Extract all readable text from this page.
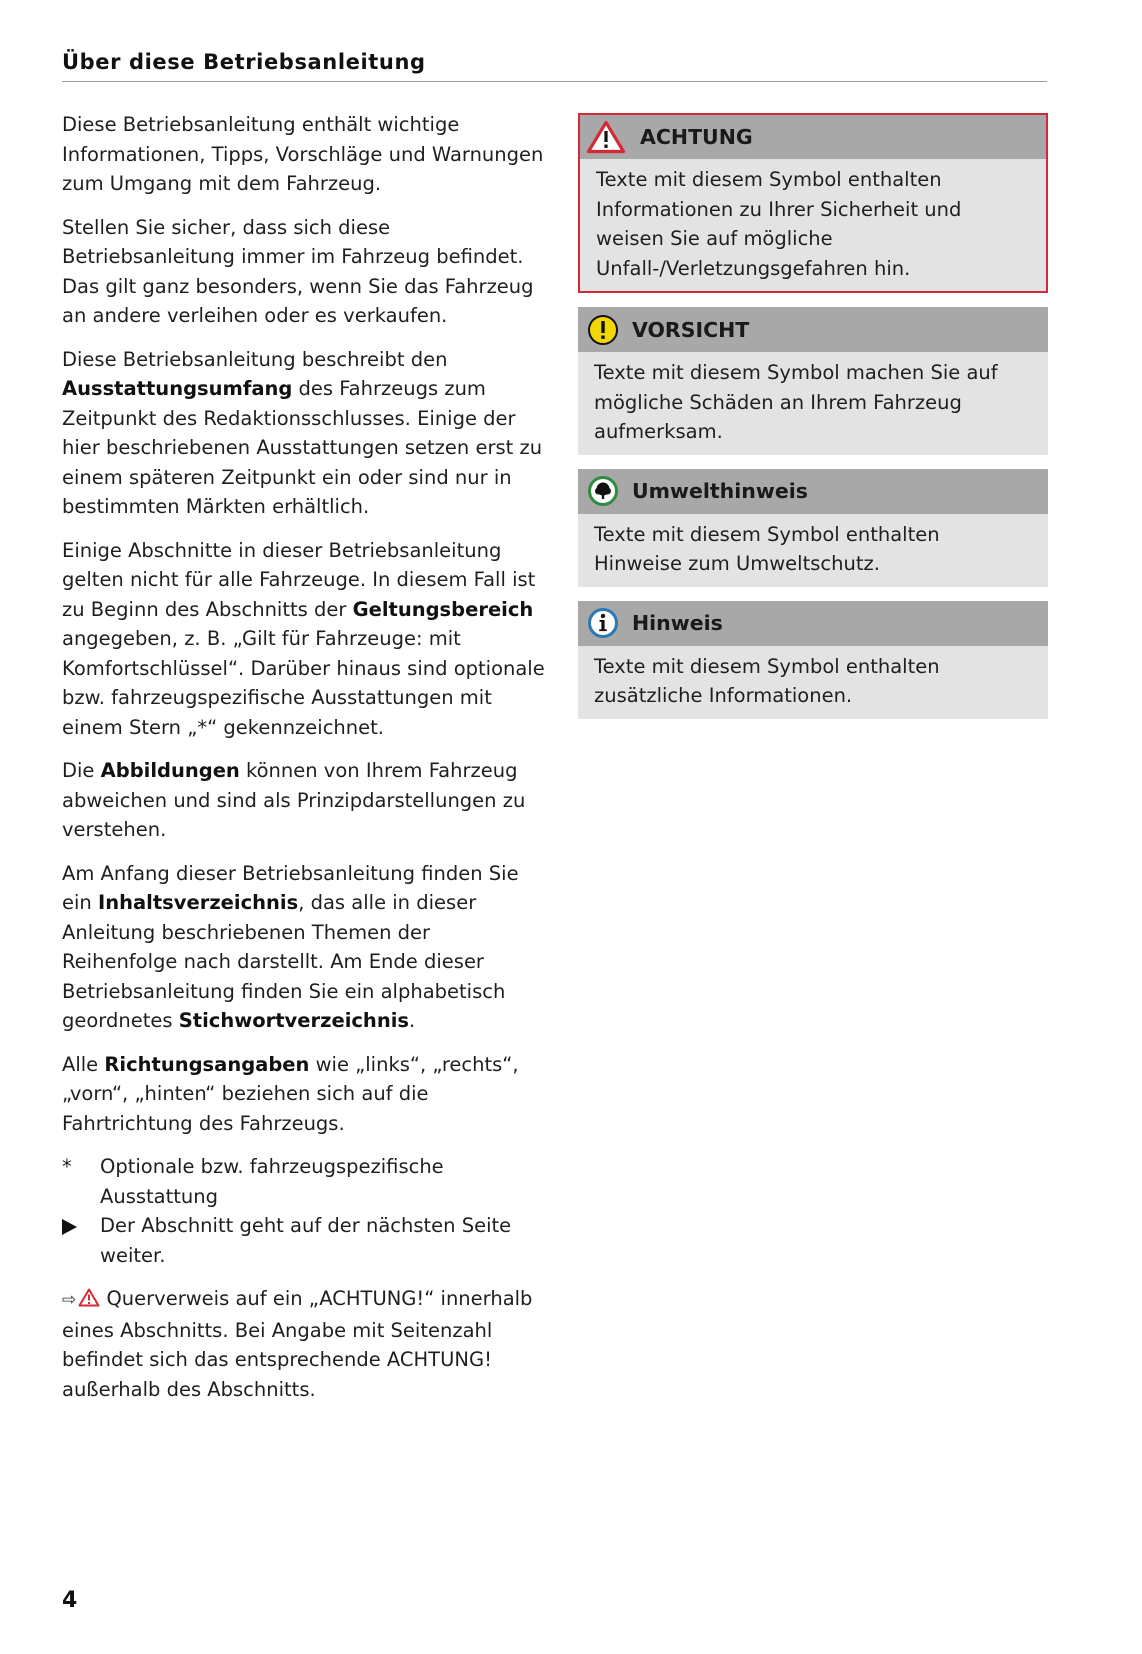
Über diese Betriebsanleitung

Diese Betriebsanleitung enthält wichtige Informationen, Tipps, Vorschläge und Warnungen zum Umgang mit dem Fahrzeug.

Stellen Sie sicher, dass sich diese Betriebsanleitung immer im Fahrzeug befindet. Das gilt ganz besonders, wenn Sie das Fahrzeug an andere verleihen oder es verkaufen.

Diese Betriebsanleitung beschreibt den Ausstattungsumfang des Fahrzeugs zum Zeitpunkt des Redaktionsschlusses. Einige der hier beschriebenen Ausstattungen setzen erst zu einem späteren Zeitpunkt ein oder sind nur in bestimmten Märkten erhältlich.

Einige Abschnitte in dieser Betriebsanleitung gelten nicht für alle Fahrzeuge. In diesem Fall ist zu Beginn des Abschnitts der Geltungsbereich angegeben, z. B. „Gilt für Fahrzeuge: mit Komfortschlüssel“. Darüber hinaus sind optionale bzw. fahrzeugspezifische Ausstattungen mit einem Stern „*“ gekennzeichnet.

Die Abbildungen können von Ihrem Fahrzeug abweichen und sind als Prinzipdarstellungen zu verstehen.

Am Anfang dieser Betriebsanleitung finden Sie ein Inhaltsverzeichnis, das alle in dieser Anleitung beschriebenen Themen der Reihenfolge nach darstellt. Am Ende dieser Betriebsanleitung finden Sie ein alphabetisch geordnetes Stichwortverzeichnis.

Alle Richtungsangaben wie „links“, „rechts“, „vorn“, „hinten“ beziehen sich auf die Fahrtrichtung des Fahrzeugs.

*	Optionale bzw. fahrzeugspezifische Ausstattung
Der Abschnitt geht auf der nächsten Seite weiter.

⇨ Querverweis auf ein „ACHTUNG!“ innerhalb eines Abschnitts. Bei Angabe mit Seitenzahl befindet sich das entsprechende ACHTUNG! außerhalb des Abschnitts.

ACHTUNG
Texte mit diesem Symbol enthalten Informationen zu Ihrer Sicherheit und weisen Sie auf mögliche Unfall-/Verletzungsgefahren hin.
VORSICHT
Texte mit diesem Symbol machen Sie auf mögliche Schäden an Ihrem Fahrzeug aufmerksam.
Umwelthinweis
Texte mit diesem Symbol enthalten Hinweise zum Umweltschutz.
Hinweis
Texte mit diesem Symbol enthalten zusätzliche Informationen.
4
